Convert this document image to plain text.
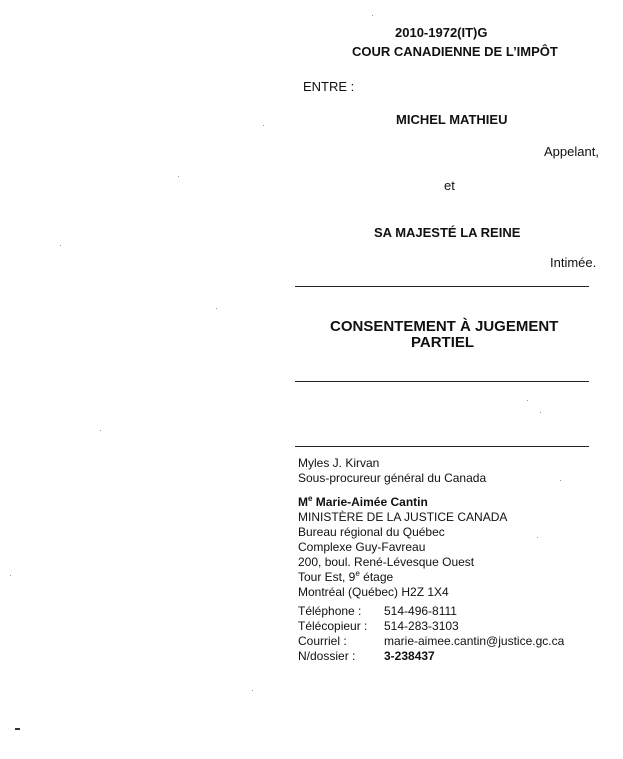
2010-1972(IT)G
COUR CANADIENNE DE L’IMPÔT
ENTRE :
MICHEL MATHIEU
Appelant,
et
SA MAJESTÉ LA REINE
Intimée.
CONSENTEMENT À JUGEMENT
PARTIEL
Myles J. Kirvan
Sous-procureur général du Canada
Me Marie-Aimée Cantin
MINISTÈRE DE LA JUSTICE CANADA
Bureau régional du Québec
Complexe Guy-Favreau
200, boul. René-Lévesque Ouest
Tour Est, 9e étage
Montréal (Québec) H2Z 1X4
Téléphone : 514-496-8111
Télécopieur : 514-283-3103
Courriel :	marie-aimee.cantin@justice.gc.ca
N/dossier : 3-238437
